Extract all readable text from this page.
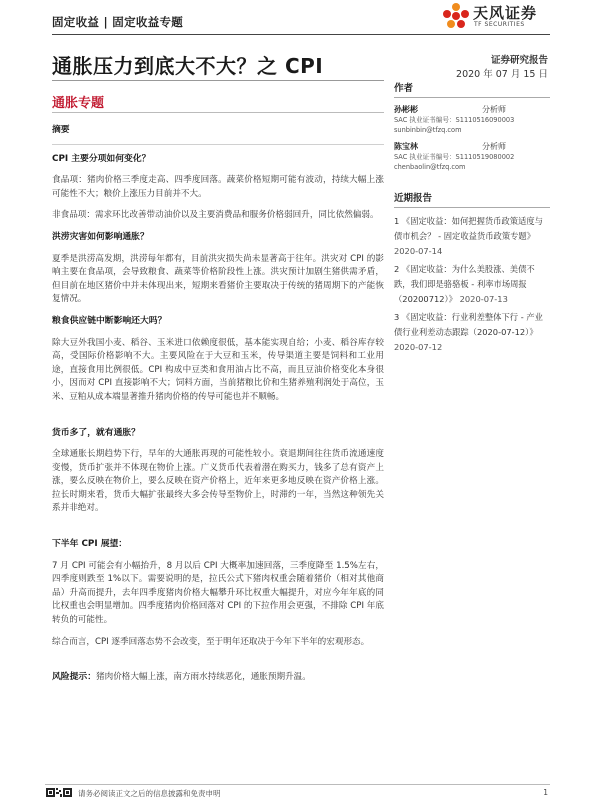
固定收益 | 固定收益专题	天风证券
TF SECURITIES
通胀压力到底大不大？之 CPI	证券研究报告
2020 年 07 月 15 日
通胀专题

摘要

CPI 主要分项如何变化？

食品项：猪肉价格三季度走高、四季度回落。蔬菜价格短期可能有波动，持续大幅上涨可能性不大；粮价上涨压力目前并不大。

非食品项：需求环比改善带动油价以及主要消费品和服务价格弱回升，同比依然偏弱。

洪涝灾害如何影响通胀？

夏季是洪涝高发期，洪涝每年都有，目前洪灾损失尚未显著高于往年。洪灾对 CPI 的影响主要在食品项，会导致粮食、蔬菜等价格阶段性上涨。洪灾预计加剧生猪供需矛盾，但目前在地区猪价中并未体现出来，短期来看猪价主要取决于传统的猪周期下的产能恢复情况。

粮食供应链中断影响还大吗？

除大豆外我国小麦、稻谷、玉米进口依赖度很低，基本能实现自给；小麦、稻谷库存较高，受国际价格影响不大。主要风险在于大豆和玉米，传导渠道主要是饲料和工业用途，直接食用比例很低。CPI 构成中豆类和食用油占比不高，而且豆油价格变化本身很小，因而对 CPI 直接影响不大；饲料方面，当前猪粮比价和生猪养殖利润处于高位，玉米、豆粕从成本端显著推升猪肉价格的传导可能也并不顺畅。

货币多了，就有通胀？

全球通胀长期趋势下行，早年的大通胀再现的可能性较小。衰退期间往往货币流通速度变慢，货币扩张并不体现在物价上涨。广义货币代表着潜在购买力，钱多了总有资产上涨，要么反映在物价上，要么反映在资产价格上，近年来更多地反映在资产价格上涨。拉长时期来看，货币大幅扩张最终大多会传导至物价上，时滞约一年，当然这种领先关系并非绝对。

下半年 CPI 展望：

7 月 CPI 可能会有小幅抬升，8 月以后 CPI 大概率加速回落，三季度降至 1.5%左右，四季度则跌至 1%以下。需要说明的是，拉氏公式下猪肉权重会随着猪价（相对其他商品）升高而提升，去年四季度猪肉价格大幅攀升环比权重大幅提升，对应今年年底的同比权重也会明显增加。四季度猪肉价格回落对 CPI 的下拉作用会更强，不排除 CPI 年底转负的可能性。

综合而言，CPI 逐季回落态势不会改变，至于明年还取决于今年下半年的宏观形态。

风险提示：猪肉价格大幅上涨，南方雨水持续恶化，通胀预期升温。

作者
孙彬彬	分析师
SAC 执业证书编号：S1110516090003
sunbinbin@tfzq.com
陈宝林	分析师
SAC 执业证书编号：S1110519080002
chenbaolin@tfzq.com
近期报告
1 《固定收益：如何把握货币政策适度与债市机会？ - 固定收益货币政策专题》 2020-07-14
2 《固定收益：为什么美股涨、美债不跌，我们即是骆骆板 - 利率市场周报（20200712）》 2020-07-13
3 《固定收益：行业利差整体下行 - 产业债行业利差动态跟踪（2020-07-12）》
2020-07-12
请务必阅读正文之后的信息披露和免责申明	1
